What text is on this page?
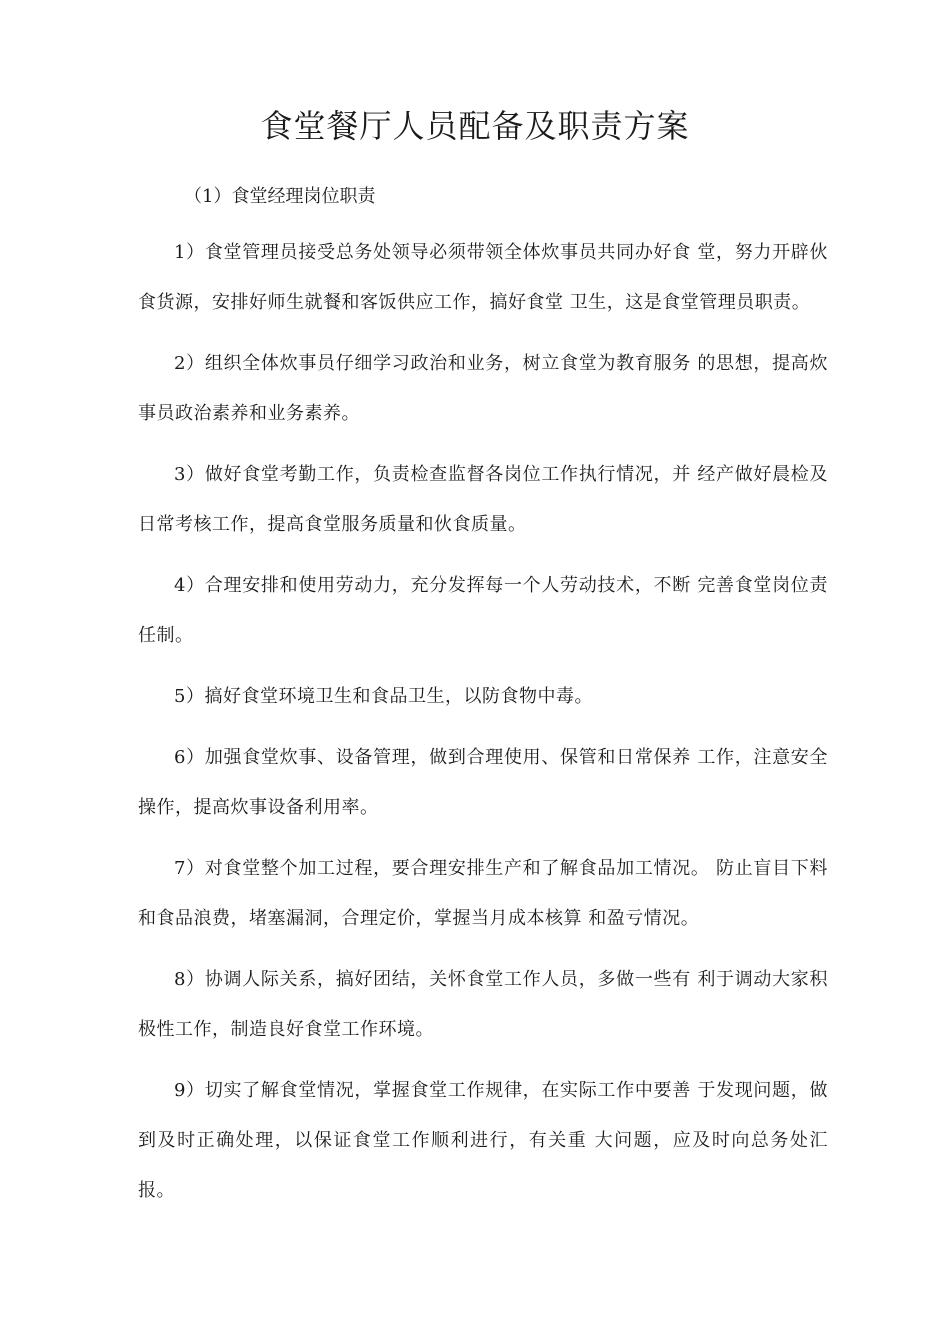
食堂餐厅人员配备及职责方案
（1）食堂经理岗位职责

1）食堂管理员接受总务处领导必须带领全体炊事员共同办好食 堂，努力开辟伙食货源，安排好师生就餐和客饭供应工作，搞好食堂 卫生，这是食堂管理员职责。

2）组织全体炊事员仔细学习政治和业务，树立食堂为教育服务 的思想，提高炊事员政治素养和业务素养。

3）做好食堂考勤工作，负责检查监督各岗位工作执行情况，并 经产做好晨检及日常考核工作，提高食堂服务质量和伙食质量。

4）合理安排和使用劳动力，充分发挥每一个人劳动技术，不断 完善食堂岗位责任制。

5）搞好食堂环境卫生和食品卫生，以防食物中毒。

6）加强食堂炊事、设备管理，做到合理使用、保管和日常保养 工作，注意安全操作，提高炊事设备利用率。

7）对食堂整个加工过程，要合理安排生产和了解食品加工情况。 防止盲目下料和食品浪费，堵塞漏洞，合理定价，掌握当月成本核算 和盈亏情况。

8）协调人际关系，搞好团结，关怀食堂工作人员，多做一些有 利于调动大家积极性工作，制造良好食堂工作环境。

9）切实了解食堂情况，掌握食堂工作规律，在实际工作中要善 于发现问题，做到及时正确处理，以保证食堂工作顺利进行，有关重 大问题，应及时向总务处汇报。
